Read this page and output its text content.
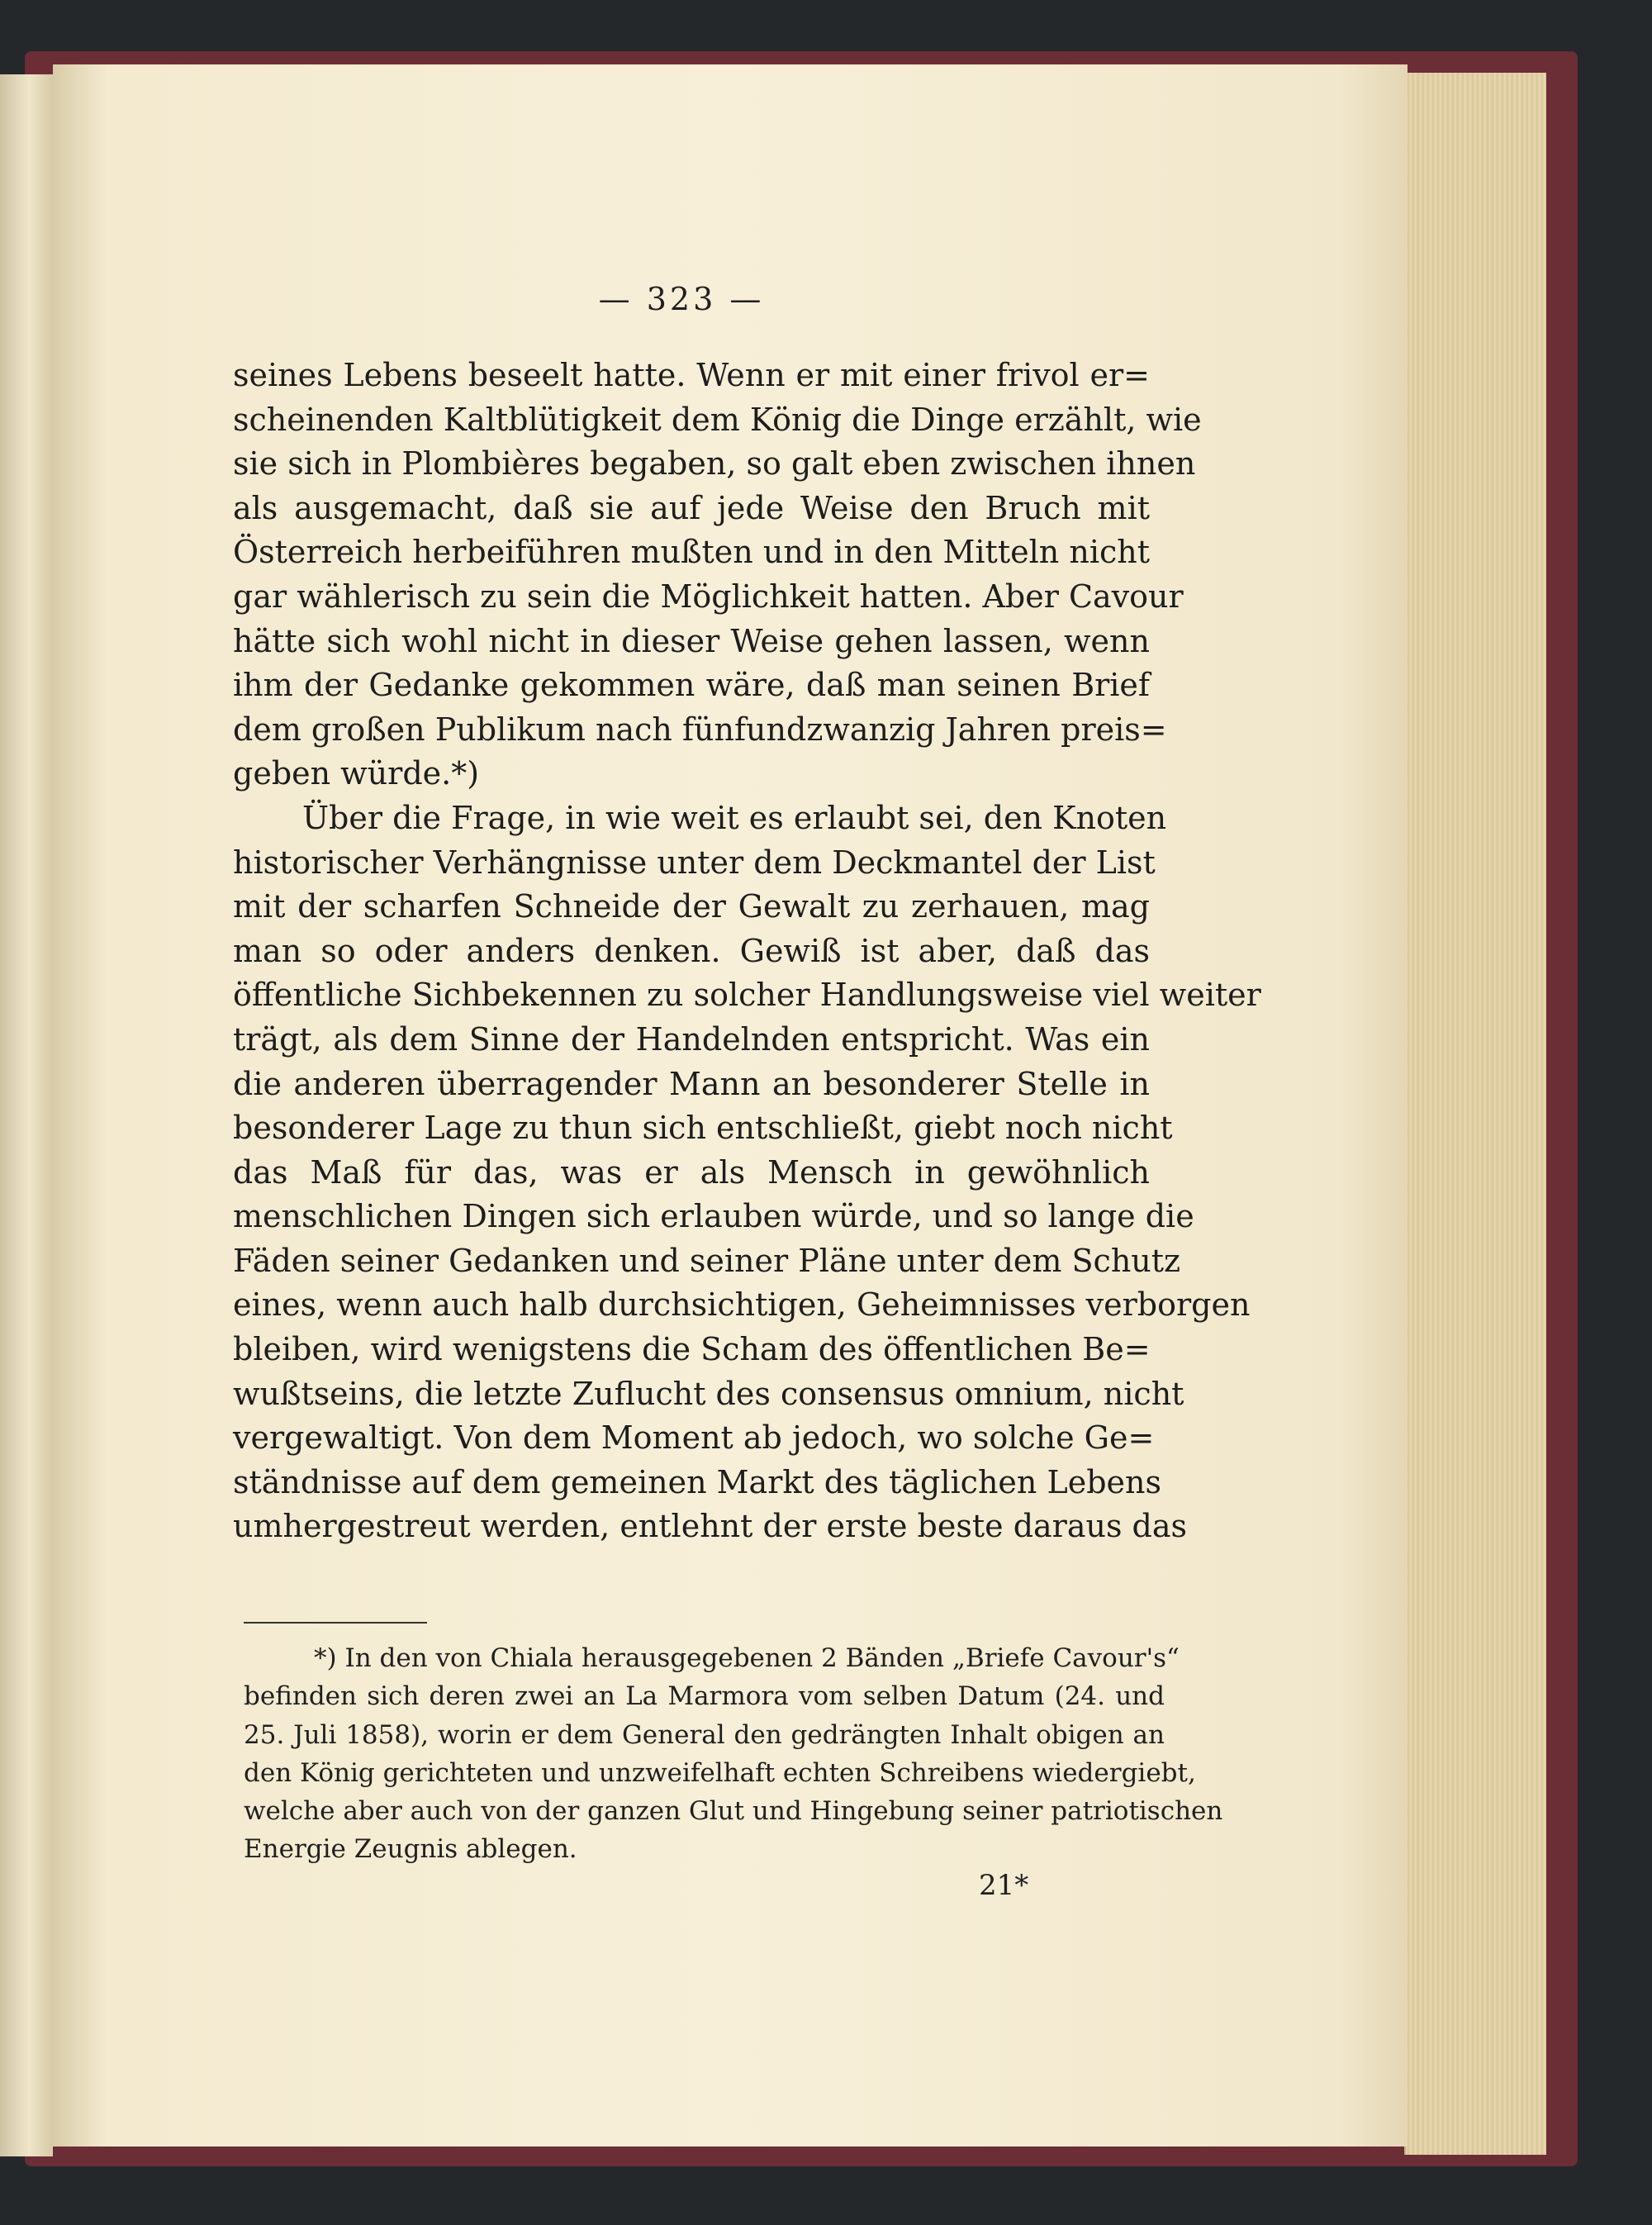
— 323 —
seines Lebens beseelt hatte. Wenn er mit einer frivol er=
scheinenden Kaltblütigkeit dem König die Dinge erzählt, wie
sie sich in Plombières begaben, so galt eben zwischen ihnen
als ausgemacht, daß sie auf jede Weise den Bruch mit
Österreich herbeiführen mußten und in den Mitteln nicht
gar wählerisch zu sein die Möglichkeit hatten. Aber Cavour
hätte sich wohl nicht in dieser Weise gehen lassen, wenn
ihm der Gedanke gekommen wäre, daß man seinen Brief
dem großen Publikum nach fünfundzwanzig Jahren preis=
geben würde.*)
Über die Frage, in wie weit es erlaubt sei, den Knoten
historischer Verhängnisse unter dem Deckmantel der List
mit der scharfen Schneide der Gewalt zu zerhauen, mag
man so oder anders denken. Gewiß ist aber, daß das
öffentliche Sichbekennen zu solcher Handlungsweise viel weiter
trägt, als dem Sinne der Handelnden entspricht. Was ein
die anderen überragender Mann an besonderer Stelle in
besonderer Lage zu thun sich entschließt, giebt noch nicht
das Maß für das, was er als Mensch in gewöhnlich
menschlichen Dingen sich erlauben würde, und so lange die
Fäden seiner Gedanken und seiner Pläne unter dem Schutz
eines, wenn auch halb durchsichtigen, Geheimnisses verborgen
bleiben, wird wenigstens die Scham des öffentlichen Be=
wußtseins, die letzte Zuflucht des consensus omnium, nicht
vergewaltigt. Von dem Moment ab jedoch, wo solche Ge=
ständnisse auf dem gemeinen Markt des täglichen Lebens
umhergestreut werden, entlehnt der erste beste daraus das
*) In den von Chiala herausgegebenen 2 Bänden „Briefe Cavour's“
befinden sich deren zwei an La Marmora vom selben Datum (24. und
25. Juli 1858), worin er dem General den gedrängten Inhalt obigen an
den König gerichteten und unzweifelhaft echten Schreibens wiedergiebt,
welche aber auch von der ganzen Glut und Hingebung seiner patriotischen
Energie Zeugnis ablegen.
21*
